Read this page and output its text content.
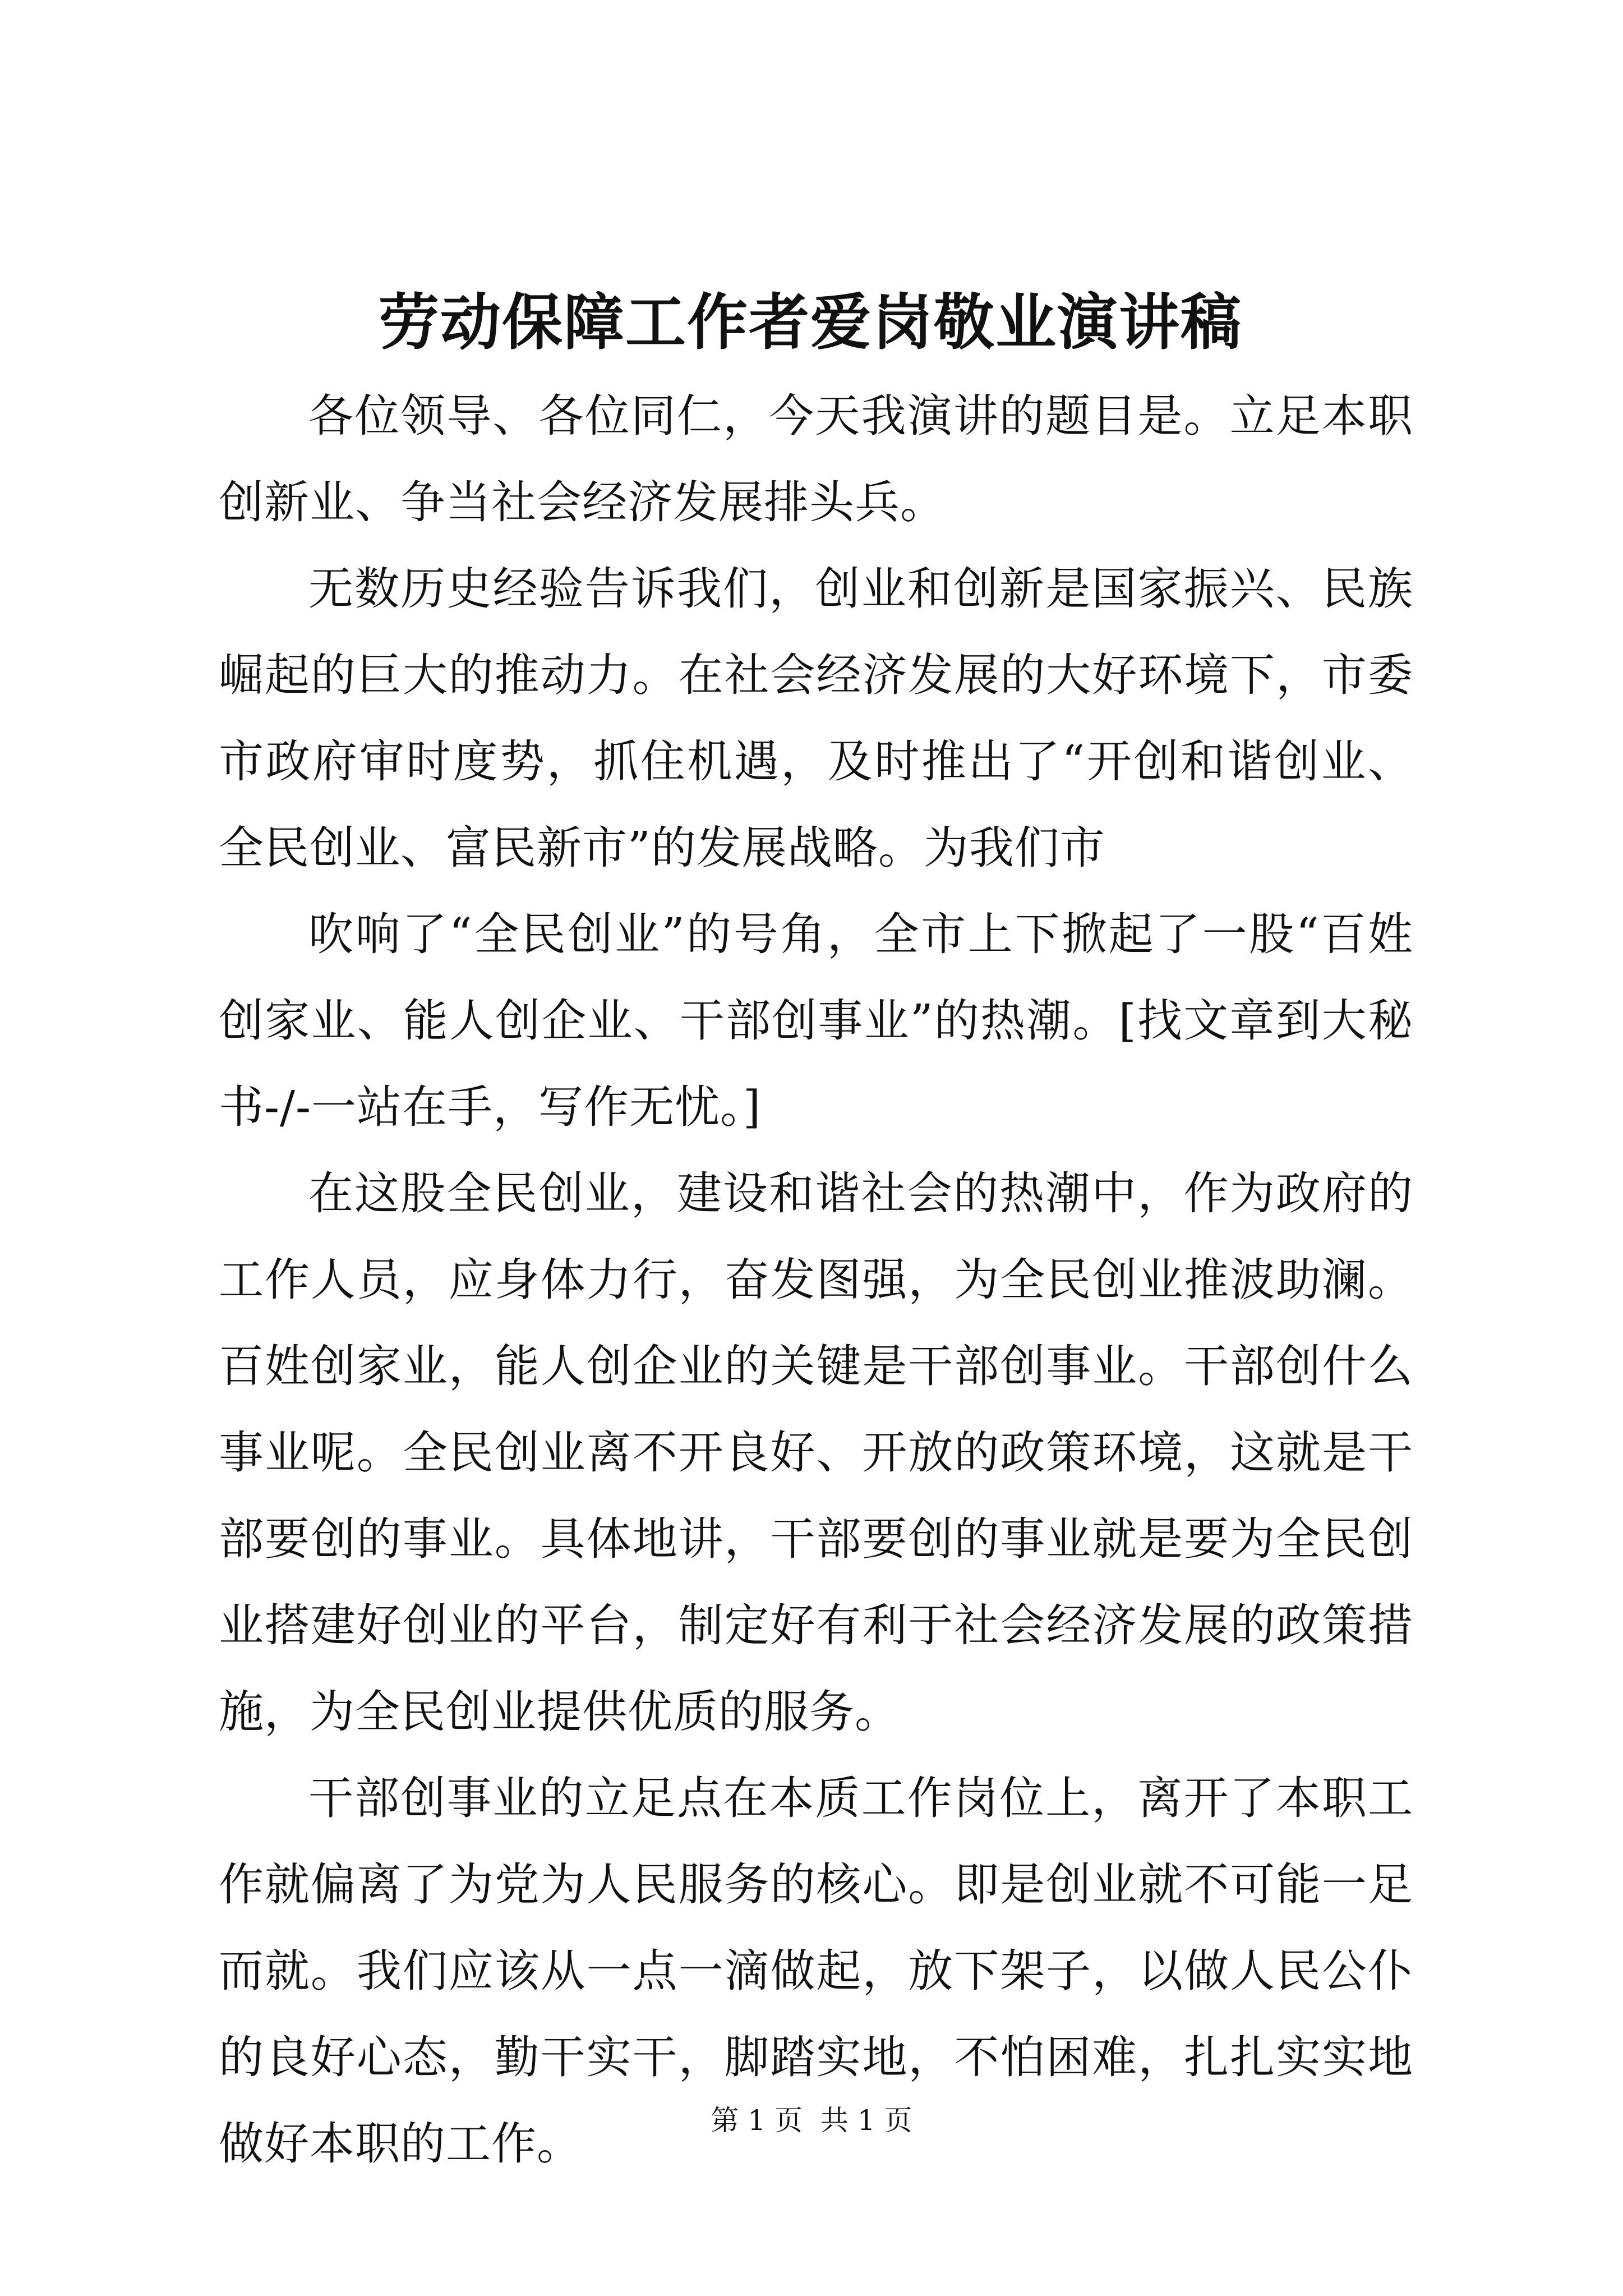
劳动保障工作者爱岗敬业演讲稿

各位领导、各位同仁，今天我演讲的题目是。立足本职创新业、争当社会经济发展排头兵。

无数历史经验告诉我们，创业和创新是国家振兴、民族崛起的巨大的推动力。在社会经济发展的大好环境下，市委市政府审时度势，抓住机遇，及时推出了“开创和谐创业、全民创业、富民新市”的发展战略。为我们市

吹响了“全民创业”的号角，全市上下掀起了一股“百姓创家业、能人创企业、干部创事业”的热潮。[找文章到大秘书-/-一站在手，写作无忧。]

在这股全民创业，建设和谐社会的热潮中，作为政府的工作人员，应身体力行，奋发图强，为全民创业推波助澜。百姓创家业，能人创企业的关键是干部创事业。干部创什么事业呢。全民创业离不开良好、开放的政策环境，这就是干部要创的事业。具体地讲，干部要创的事业就是要为全民创业搭建好创业的平台，制定好有利于社会经济发展的政策措施，为全民创业提供优质的服务。

干部创事业的立足点在本质工作岗位上，离开了本职工作就偏离了为党为人民服务的核心。即是创业就不可能一足而就。我们应该从一点一滴做起，放下架子，以做人民公仆的良好心态，勤干实干，脚踏实地，不怕困难，扎扎实实地做好本职的工作。	第 1 页  共 1 页
